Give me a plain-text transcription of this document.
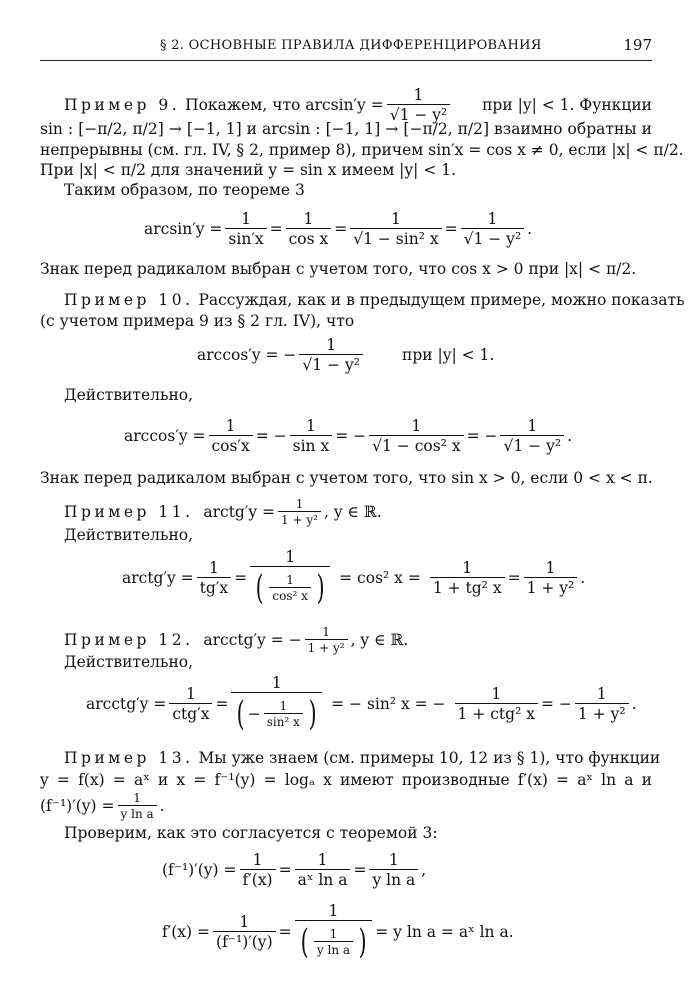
§ 2. ОСНОВНЫЕ ПРАВИЛА ДИФФЕРЕНЦИРОВАНИЯ	197
Пример 9.
Покажем, что $\arcsin'y = \frac{1}{\text{√1 − y²}}$ при |y| < 1. Функции
sin : [−π/2, π/2] → [−1, 1] и arcsin : [−1, 1] → [−π/2, π/2] взаимно обратны и
непрерывны (см. гл. IV, § 2, пример 8), причем sin′x = cos x ≠ 0, если |x| < π/2.
При |x| < π/2 для значений y = sin x имеем |y| < 1.
Таким образом, по теореме 3
$\arcsin'y = \frac{1}{\sin'x}$ =
1
cos x
=
1
√1 − sin² x
=
1
√1 − y²
.
Знак перед радикалом выбран с учетом того, что cos x > 0 при |x| < π/2.
Пример 10. Рассуждая, как и в предыдущем примере, можно показать
(с учетом примера 9 из § 2 гл. IV), что
arccos′y = − $\frac{1}{\text{√1 − y²}}$	при |y| < 1.
Действительно,
$\arccos'y = \frac{1}{\cos'x}$ = −
1
sin x
= −
1
√1 − cos² x
= −
1
√1 − y²
.
Знак перед радикалом выбран с учетом того, что sin x > 0, если 0 < x < π.
Пример 11.
arctg′y = $\frac{1}{\text{1 + y²}}$ , y ∈ ℝ.
Действительно,
arctg′y = $\frac{1}{tg'x} = 1$
( 1
cos² x ) = cos² $x = \frac{1}{\text{1 + tg² x}}$ =
1
1 + y²
.
Пример 12.
arcctg′y = − $\frac{1}{\text{1 + y²}}$ , y ∈ ℝ.
Действительно,
arcctg′y =
1
ctg′x
= 1
( − 1
sin² x ) = − sin² x = −
1
1 + ctg² x
= −
1
1 + y²
.
Пример 13. Мы уже знаем (см. примеры 10, 12 из § 1), что функции
y = f(x) = aˣ и x = f⁻¹(y) = logₐ x имеют производные f′(x) = aˣ ln a и
$(f^{-1})'(y) = \frac{1}{\text{y ln a}}$ .
Проверим, как это согласуется с теоремой 3:
$(f^{-1})'(y) = \frac{1}{f'(x)}$ =
1
aˣ ln a
=
1
y ln a
,
$f'(x) = \frac{1}{\text{(f⁻¹)′(y)}} = 1$
( 1
y ln a ) = y ln a = aˣ ln a.
